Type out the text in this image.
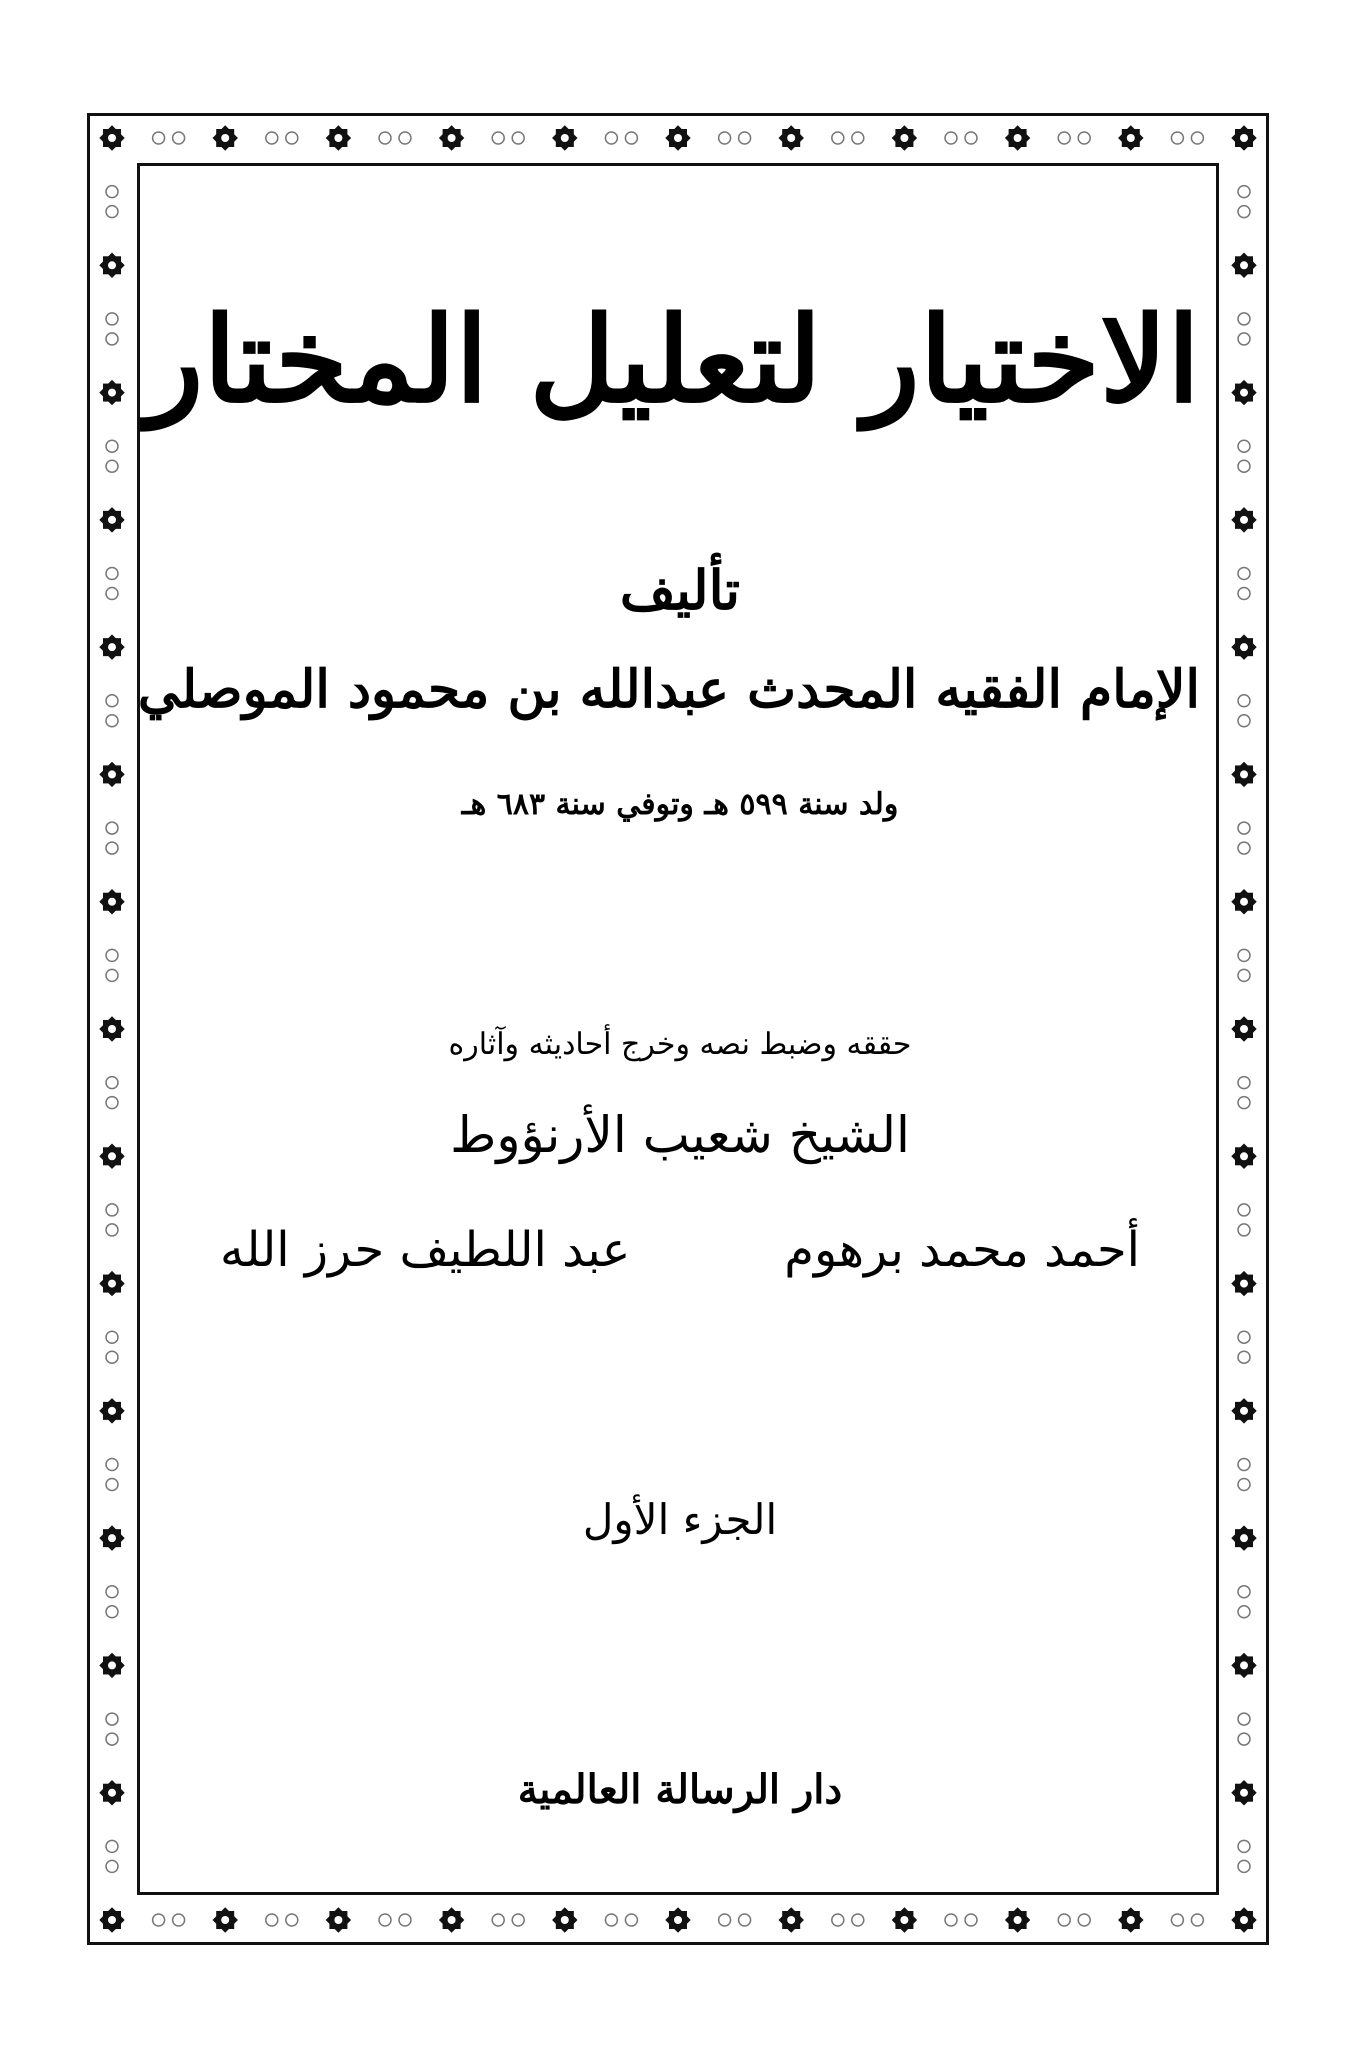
الاختيار لتعليل المختار
تأليف
الإمام الفقيه المحدث عبدالله بن محمود الموصلي
ولد سنة ٥٩٩ هـ وتوفي سنة ٦٨٣ هـ
حققه وضبط نصه وخرج أحاديثه وآثاره
الشيخ شعيب الأرنؤوط
أحمد محمد برهوم
عبد اللطيف حرز الله
الجزء الأول
دار الرسالة العالمية
